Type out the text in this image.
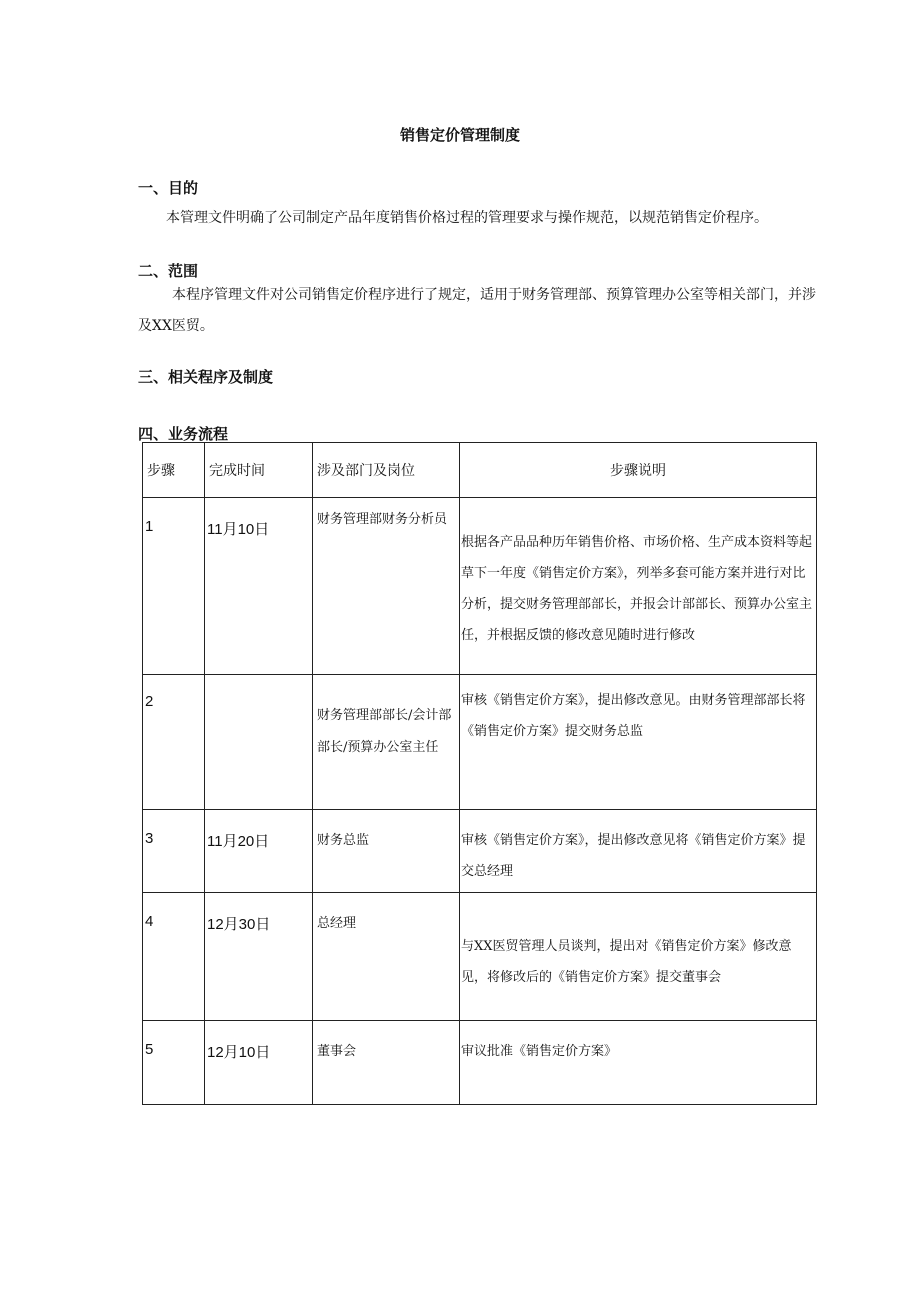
销售定价管理制度
一、目的
本管理文件明确了公司制定产品年度销售价格过程的管理要求与操作规范，以规范销售定价程序。
二、范围
本程序管理文件对公司销售定价程序进行了规定，适用于财务管理部、预算管理办公室等相关部门，并涉及XX医贸。
三、相关程序及制度
四、业务流程
步骤	完成时间	涉及部门及岗位	步骤说明

1	11月10日	财务管理部财务分析员	根据各产品品种历年销售价格、市场价格、生产成本资料等起草下一年度《销售定价方案》，列举多套可能方案并进行对比分析，提交财务管理部部长，并报会计部部长、预算办公室主任，并根据反馈的修改意见随时进行修改

2		财务管理部部长/会计部部长/预算办公室主任	审核《销售定价方案》，提出修改意见。由财务管理部部长将《销售定价方案》提交财务总监

3	11月20日	财务总监	审核《销售定价方案》，提出修改意见将《销售定价方案》提交总经理

4	12月30日	总经理	与XX医贸管理人员谈判，提出对《销售定价方案》修改意见，将修改后的《销售定价方案》提交董事会

5	12月10日	董事会	审议批准《销售定价方案》
